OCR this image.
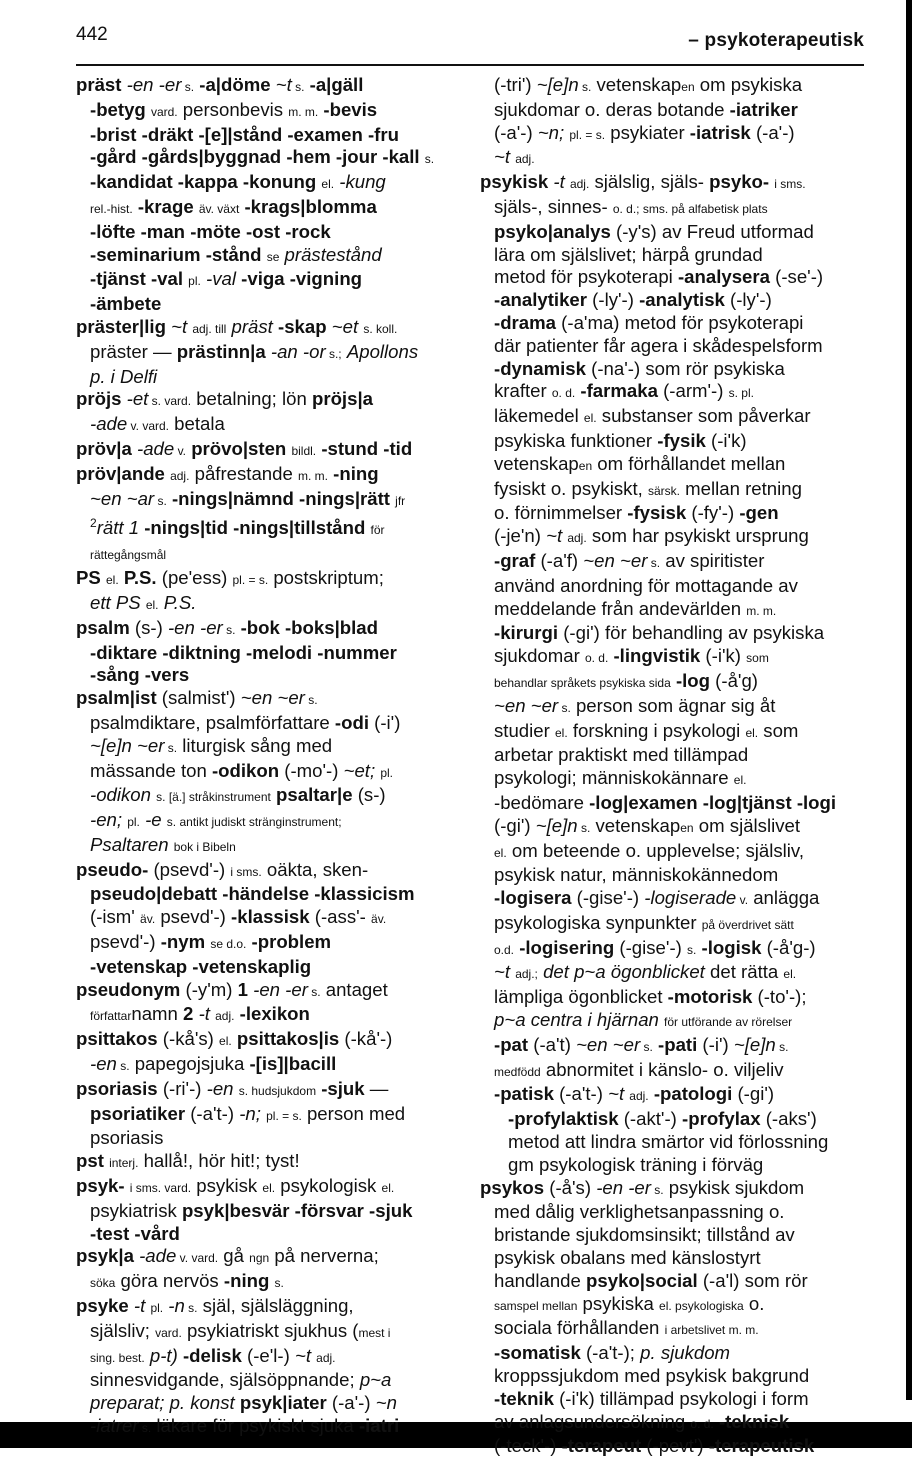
442	– psykoterapeutisk
präst -en -er s. -a|döme ~t s. -a|gäll
-betyg vard. personbevis m. m. -bevis
-brist -dräkt -[e]|stånd -examen -fru
-gård -gårds|byggnad -hem -jour -kall s.
-kandidat -kappa -konung el. -kung
rel.-hist. -krage äv. växt -krags|blomma
-löfte -man -möte -ost -rock
-seminarium -stånd se prästestånd
-tjänst -val pl. -val -viga -vigning
-ämbete
präster|lig ~t adj. till präst -skap ~et s. koll.
präster — prästinn|a -an -or s.; Apollons
p. i Delfi
pröjs -et s. vard. betalning; lön pröjs|a
-ade v. vard. betala
pröv|a -ade v. prövo|sten bildl. -stund -tid
pröv|ande adj. påfrestande m. m. -ning
~en ~ar s. -nings|nämnd -nings|rätt jfr
$^2$rätt 1 -nings|tid -nings|tillstånd för
rättegångsmål
PS el. P.S. (pe'ess) pl. = s. postskriptum;
ett PS el. P.S.
psalm (s-) -en -er s. -bok -boks|blad
-diktare -diktning -melodi -nummer
-sång -vers
psalm|ist (salmist') ~en ~er s.
psalmdiktare, psalmförfattare -odi (-i')
~[e]n ~er s. liturgisk sång med
mässande ton -odikon (-mo'-) ~et; pl.
-odikon s. [ä.] stråkinstrument psaltar|e (s-)
-en; pl. -e s. antikt judiskt stränginstrument;
Psaltaren bok i Bibeln
pseudo- (psevd'-) i sms. oäkta, sken-
pseudo|debatt -händelse -klassicism
(-ism' äv. psevd'-) -klassisk (-ass'- äv.
psevd'-) -nym se d.o. -problem
-vetenskap -vetenskaplig
pseudonym (-y'm) 1 -en -er s. antaget
författarnamn 2 -t adj. -lexikon
psittakos (-kå's) el. psittakos|is (-kå'-)
-en s. papegojsjuka -[is]|bacill
psoriasis (-ri'-) -en s. hudsjukdom -sjuk —
psoriatiker (-a't-) -n; pl. = s. person med
psoriasis
pst interj. hallå!, hör hit!; tyst!
psyk- i sms. vard. psykisk el. psykologisk el.
psykiatrisk psyk|besvär -försvar -sjuk
-test -vård
psyk|a -ade v. vard. gå ngn på nerverna;
söka göra nervös -ning s.
psyke -t pl. -n s. själ, själsläggning,
själsliv; vard. psykiatriskt sjukhus (mest i
sing. best. p-t) -delisk (-e'l-) ~t adj.
sinnesvidgande, själsöppnande; p~a
preparat; p. konst psyk|iater (-a'-) ~n
-iatrer s. läkare för psykiskt sjuka -iatri
(-tri') ~[e]n s. vetenskapen om psykiska
sjukdomar o. deras botande -iatriker
(-a'-) ~n; pl. = s. psykiater -iatrisk (-a'-)
~t adj.
psykisk -t adj. själslig, själs- psyko- i sms.
själs-, sinnes- o. d.; sms. på alfabetisk plats
psyko|analys (-y's) av Freud utformad
lära om själslivet; härpå grundad
metod för psykoterapi -analysera (-se'-)
-analytiker (-ly'-) -analytisk (-ly'-)
-drama (-a'ma) metod för psykoterapi
där patienter får agera i skådespelsform
-dynamisk (-na'-) som rör psykiska
krafter o. d. -farmaka (-arm'-) s. pl.
läkemedel el. substanser som påverkar
psykiska funktioner -fysik (-i'k)
vetenskapen om förhållandet mellan
fysiskt o. psykiskt, särsk. mellan retning
o. förnimmelser -fysisk (-fy'-) -gen
(-je'n) ~t adj. som har psykiskt ursprung
-graf (-a'f) ~en ~er s. av spiritister
använd anordning för mottagande av
meddelande från andevärlden m. m.
-kirurgi (-gi') för behandling av psykiska
sjukdomar o. d. -lingvistik (-i'k) som
behandlar språkets psykiska sida -log (-å'g)
~en ~er s. person som ägnar sig åt
studier el. forskning i psykologi el. som
arbetar praktiskt med tillämpad
psykologi; människokännare el.
-bedömare -log|examen -log|tjänst -logi
(-gi') ~[e]n s. vetenskapen om själslivet
el. om beteende o. upplevelse; själsliv,
psykisk natur, människokännedom
-logisera (-gise'-) -logiserade v. anlägga
psykologiska synpunkter på överdrivet sätt
o.d. -logisering (-gise'-) s. -logisk (-å'g-)
~t adj.; det p~a ögonblicket det rätta el.
lämpliga ögonblicket -motorisk (-to'-);
p~a centra i hjärnan för utförande av rörelser
-pat (-a't) ~en ~er s. -pati (-i') ~[e]n s.
medfödd abnormitet i känslo- o. viljeliv
-patisk (-a't-) ~t adj. -patologi (-gi')
-profylaktisk (-akt'-) -profylax (-aks')
metod att lindra smärtor vid förlossning
gm psykologisk träning i förväg
psykos (-å's) -en -er s. psykisk sjukdom
med dålig verklighetsanpassning o.
bristande sjukdomsinsikt; tillstånd av
psykisk obalans med känslostyrt
handlande psyko|social (-a'l) som rör
samspel mellan psykiska el. psykologiska o.
sociala förhållanden i arbetslivet m. m.
-somatisk (-a't-); p. sjukdom
kroppssjukdom med psykisk bakgrund
-teknik (-i'k) tillämpad psykologi i form
av anlagsundersökning o. d. -teknisk
(-teck'-) -terapeut (-pevt') -terapeutisk
